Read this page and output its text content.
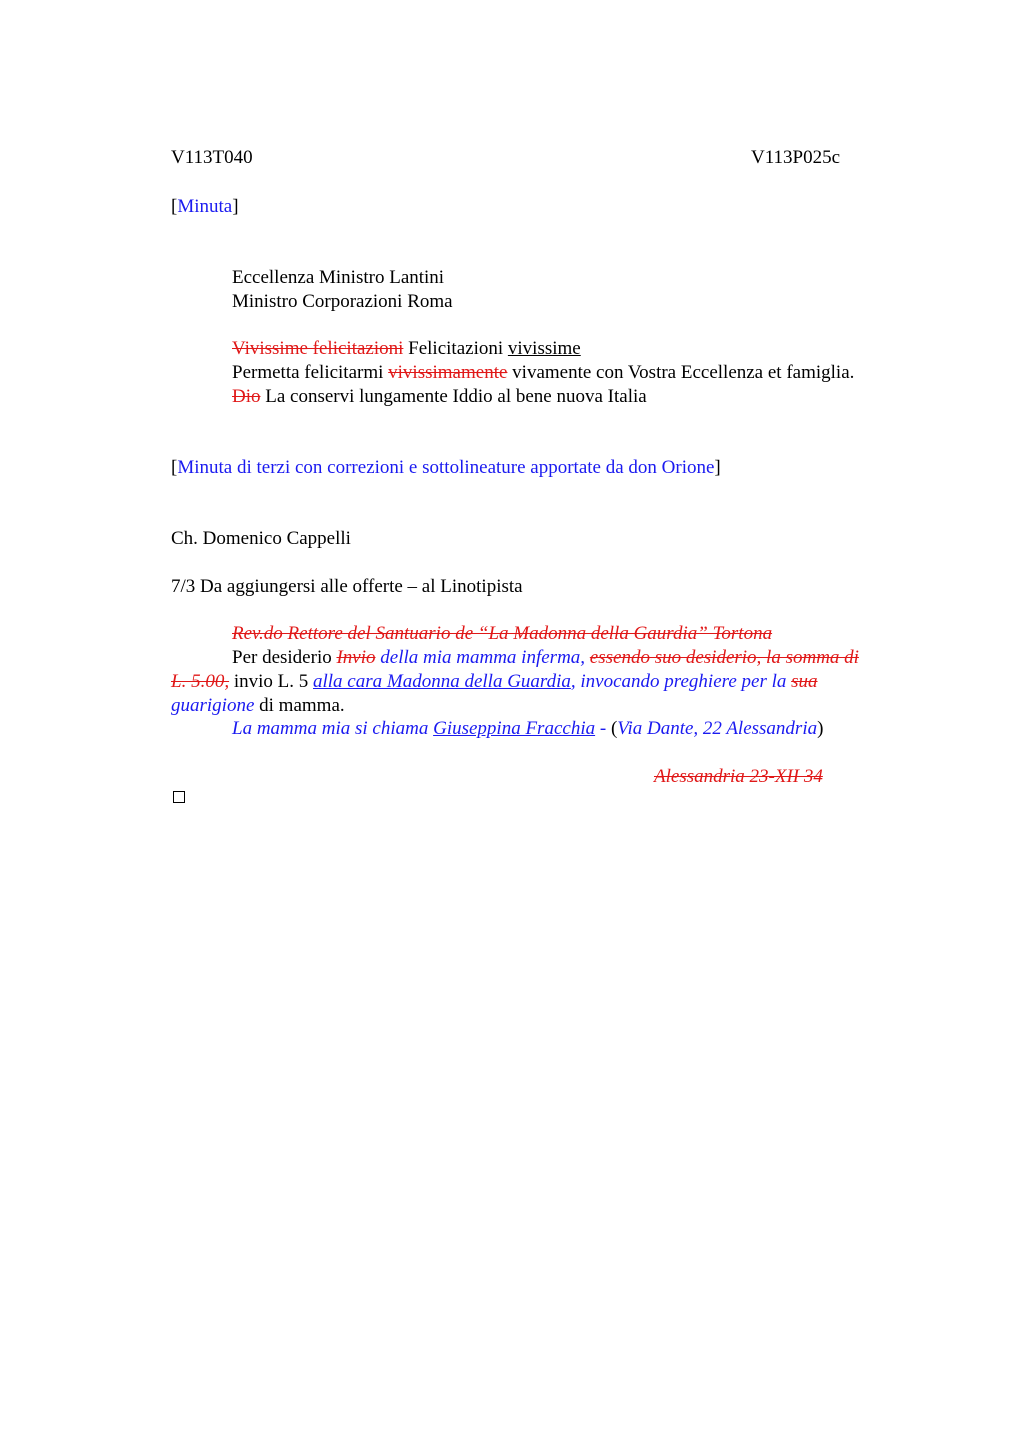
V113T040	V113P025c
[Minuta]
Eccellenza Ministro Lantini
Ministro Corporazioni Roma
Vivissime felicitazioni Felicitazioni vivissime
Permetta felicitarmi vivissimamente vivamente con Vostra Eccellenza et famiglia.
Dio La conservi lungamente Iddio al bene nuova Italia
[Minuta di terzi con correzioni e sottolineature apportate da don Orione]
Ch. Domenico Cappelli
7/3 Da aggiungersi alle offerte – al Linotipista
Rev.do Rettore del Santuario de “La Madonna della Gaurdia” Tortona
Per desiderio Invio della mia mamma inferma, essendo suo desiderio, la somma di
L. 5.00, invio L. 5 alla cara Madonna della Guardia, invocando preghiere per la sua
guarigione di mamma.
La mamma mia si chiama Giuseppina Fracchia - (Via Dante, 22 Alessandria)
Alessandria 23-XII 34
